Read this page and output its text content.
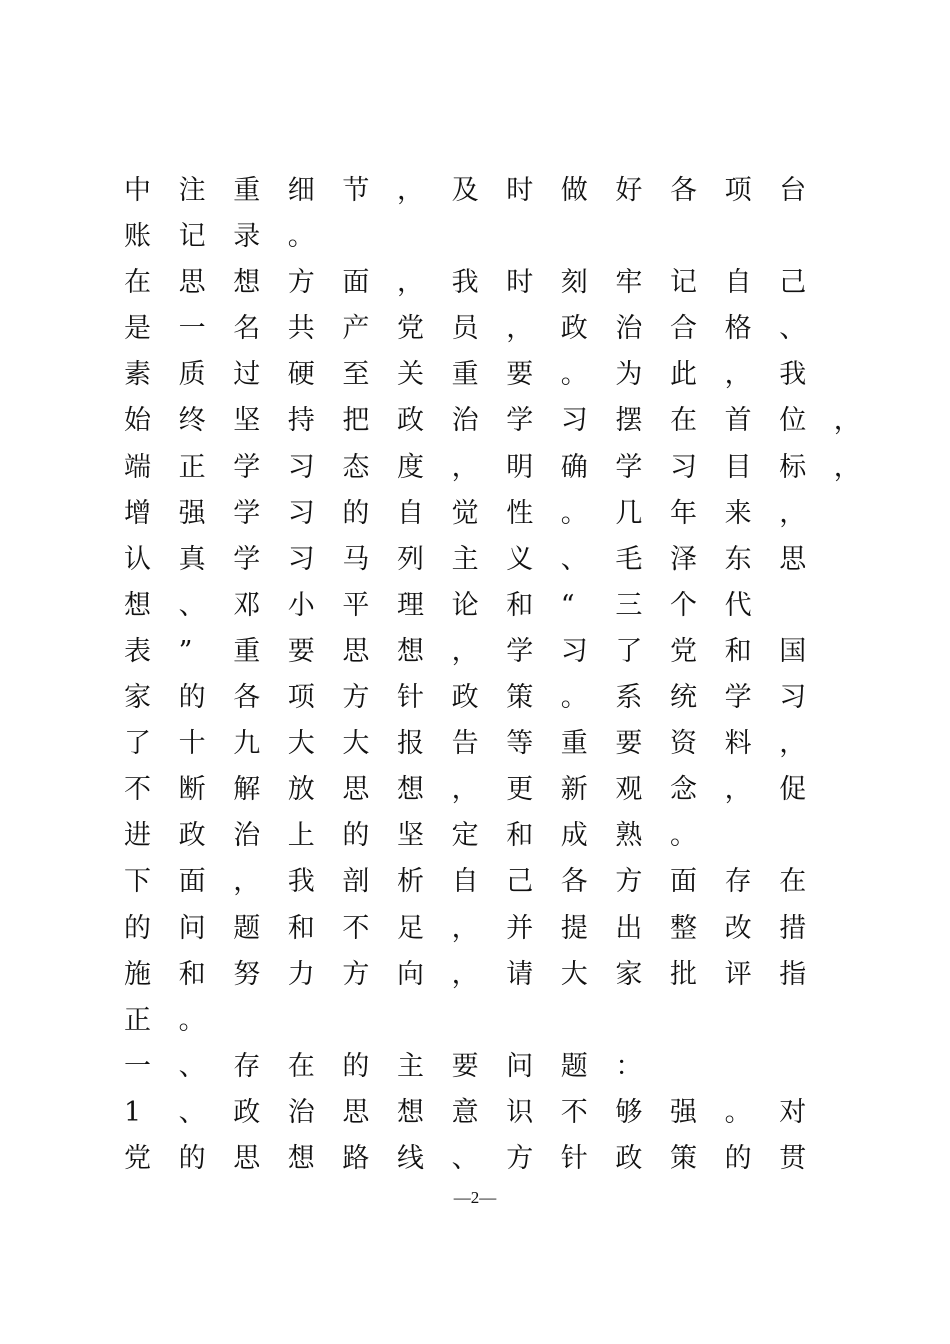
中 注 重 细 节 ， 及 时 做 好 各 项 台
账 记 录 。
在 思 想 方 面 ， 我 时 刻 牢 记 自 己
是 一 名 共 产 党 员 ， 政 治 合 格 、
素 质 过 硬 至 关 重 要 。 为 此 ， 我
始 终 坚 持 把 政 治 学 习 摆 在 首 位 ，
端 正 学 习 态 度 ， 明 确 学 习 目 标 ，
增 强 学 习 的 自 觉 性 。 几 年 来 ，
认 真 学 习 马 列 主 义 、 毛 泽 东 思
想 、 邓 小 平 理 论 和 “	三 个 代
表 ”	重 要 思 想 ， 学 习 了 党 和 国
家 的 各 项 方 针 政 策 。 系 统 学 习
了 十 九 大 大 报 告 等 重 要 资 料 ，
不 断 解 放 思 想 ， 更 新 观 念 ， 促
进 政 治 上 的 坚 定 和 成 熟 。
下 面 ， 我 剖 析 自 己 各 方 面 存 在
的 问 题 和 不 足 ， 并 提 出 整 改 措
施 和 努 力 方 向 ， 请 大 家 批 评 指
正 。
一 、 存 在 的 主 要 问 题 ：
1	、 政 治 思 想 意 识 不 够 强 。 对
党 的 思 想 路 线 、 方 针 政 策 的 贯
—2—
